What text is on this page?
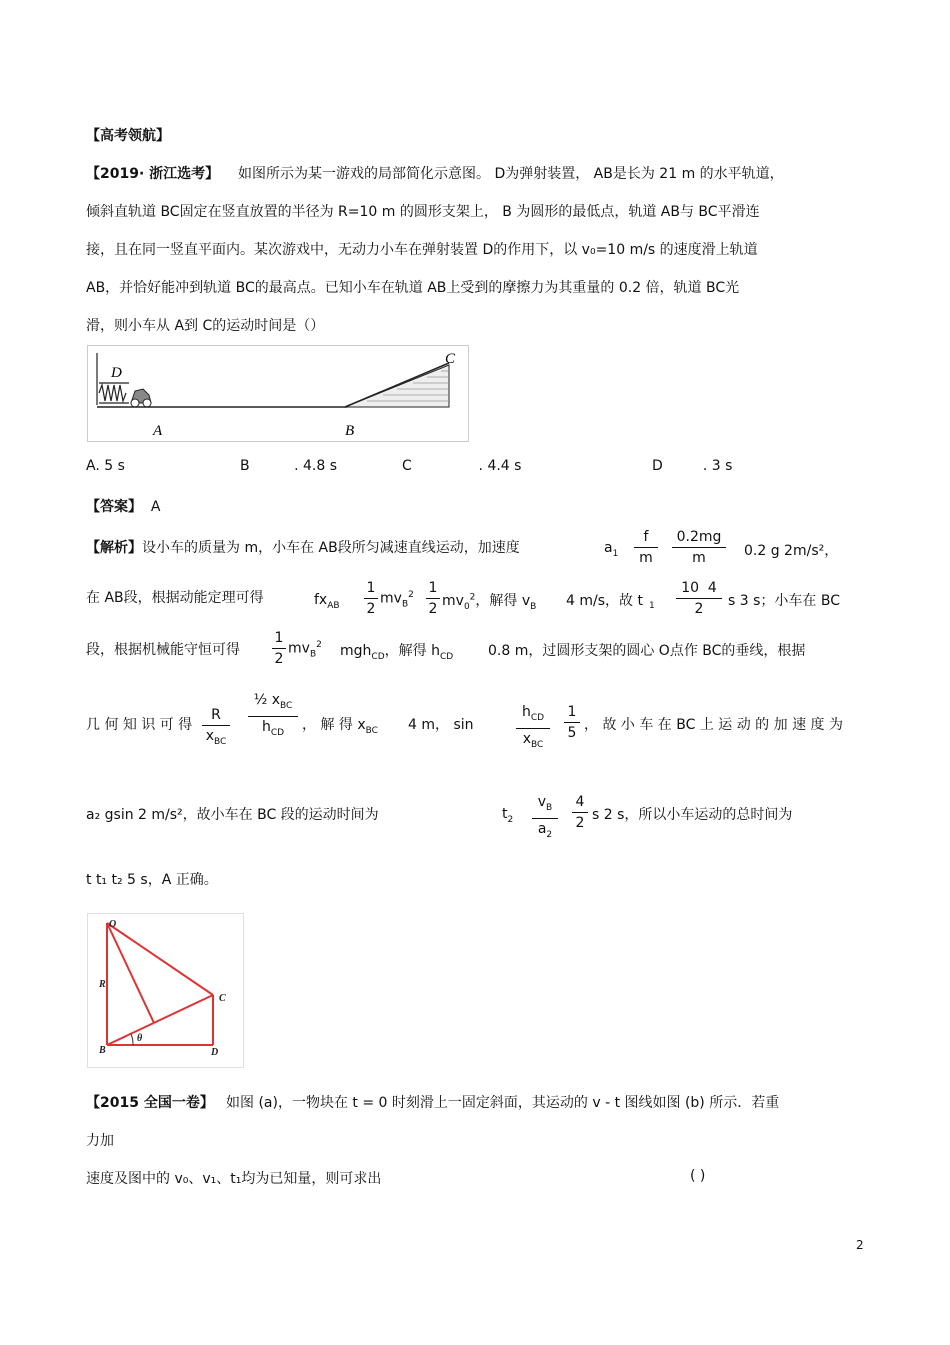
【高考领航】
【2019· 浙江选考】 如图所示为某一游戏的局部简化示意图。 D为弹射装置， AB是长为 21 m 的水平轨道，
倾斜直轨道 BC固定在竖直放置的半径为 R=10 m 的圆形支架上， B 为圆形的最低点，轨道 AB与 BC平滑连
接，且在同一竖直平面内。某次游戏中，无动力小车在弹射装置 D的作用下，以 v₀=10 m/s 的速度滑上轨道
AB，并恰好能冲到轨道 BC的最高点。已知小车在轨道 AB上受到的摩擦力为其重量的 0.2 倍，轨道 BC光
滑，则小车从 A到 C的运动时间是（）
D
A	B
C
A. 5 s	B	. 4.8 s	C	. 4.4 s	D	. 3 s
【答案】 A
【解析】设小车的质量为 m，小车在 AB段所匀减速直线运动，加速度	$a_1 \frac{f}{m} \frac{0.2mg}{m} 0.2$ g 2m/s²，
在 AB段，根据动能定理可得	$fx_{AB} \frac{1}{2} mv_B^2 \frac{1}{2} mv_0^2$，解得 $v_B$ 4 m/s，故 t $_1 \frac{10 4}{2}$ s 3 s；小车在 BC
段，根据机械能守恒可得 $\frac{1}{2} mv_B^2$ mgh$_{CD}$，解得 $h_{CD}$ 0.8 m，过圆形支架的圆心 O点作 BC的垂线，根据
几 何 知 识 可 得
R
$x_{BC}$
½ $x_{BC}$
$h_{CD}$	， 解 得 $x_{BC}$ 4 m， sin
$h_{CD}$
$x_{BC}$
$\frac{1}{5}$ ， 故 小 车 在 BC 上 运 动 的 加 速 度 为
a₂ gsin 2 m/s²，故小车在 BC 段的运动时间为	$t_2 \frac{v_B}{a_2} \frac{4}{2}$ s 2 s，所以小车运动的总时间为
t t₁ t₂ 5 s，A 正确。
O
R
C
B	D
θ
【2015 全国一卷】 如图 (a)，一物块在 t = 0 时刻滑上一固定斜面，其运动的 v - t 图线如图 (b) 所示．若重
力加
速度及图中的 v₀、v₁、t₁均为已知量，则可求出	( )
2
